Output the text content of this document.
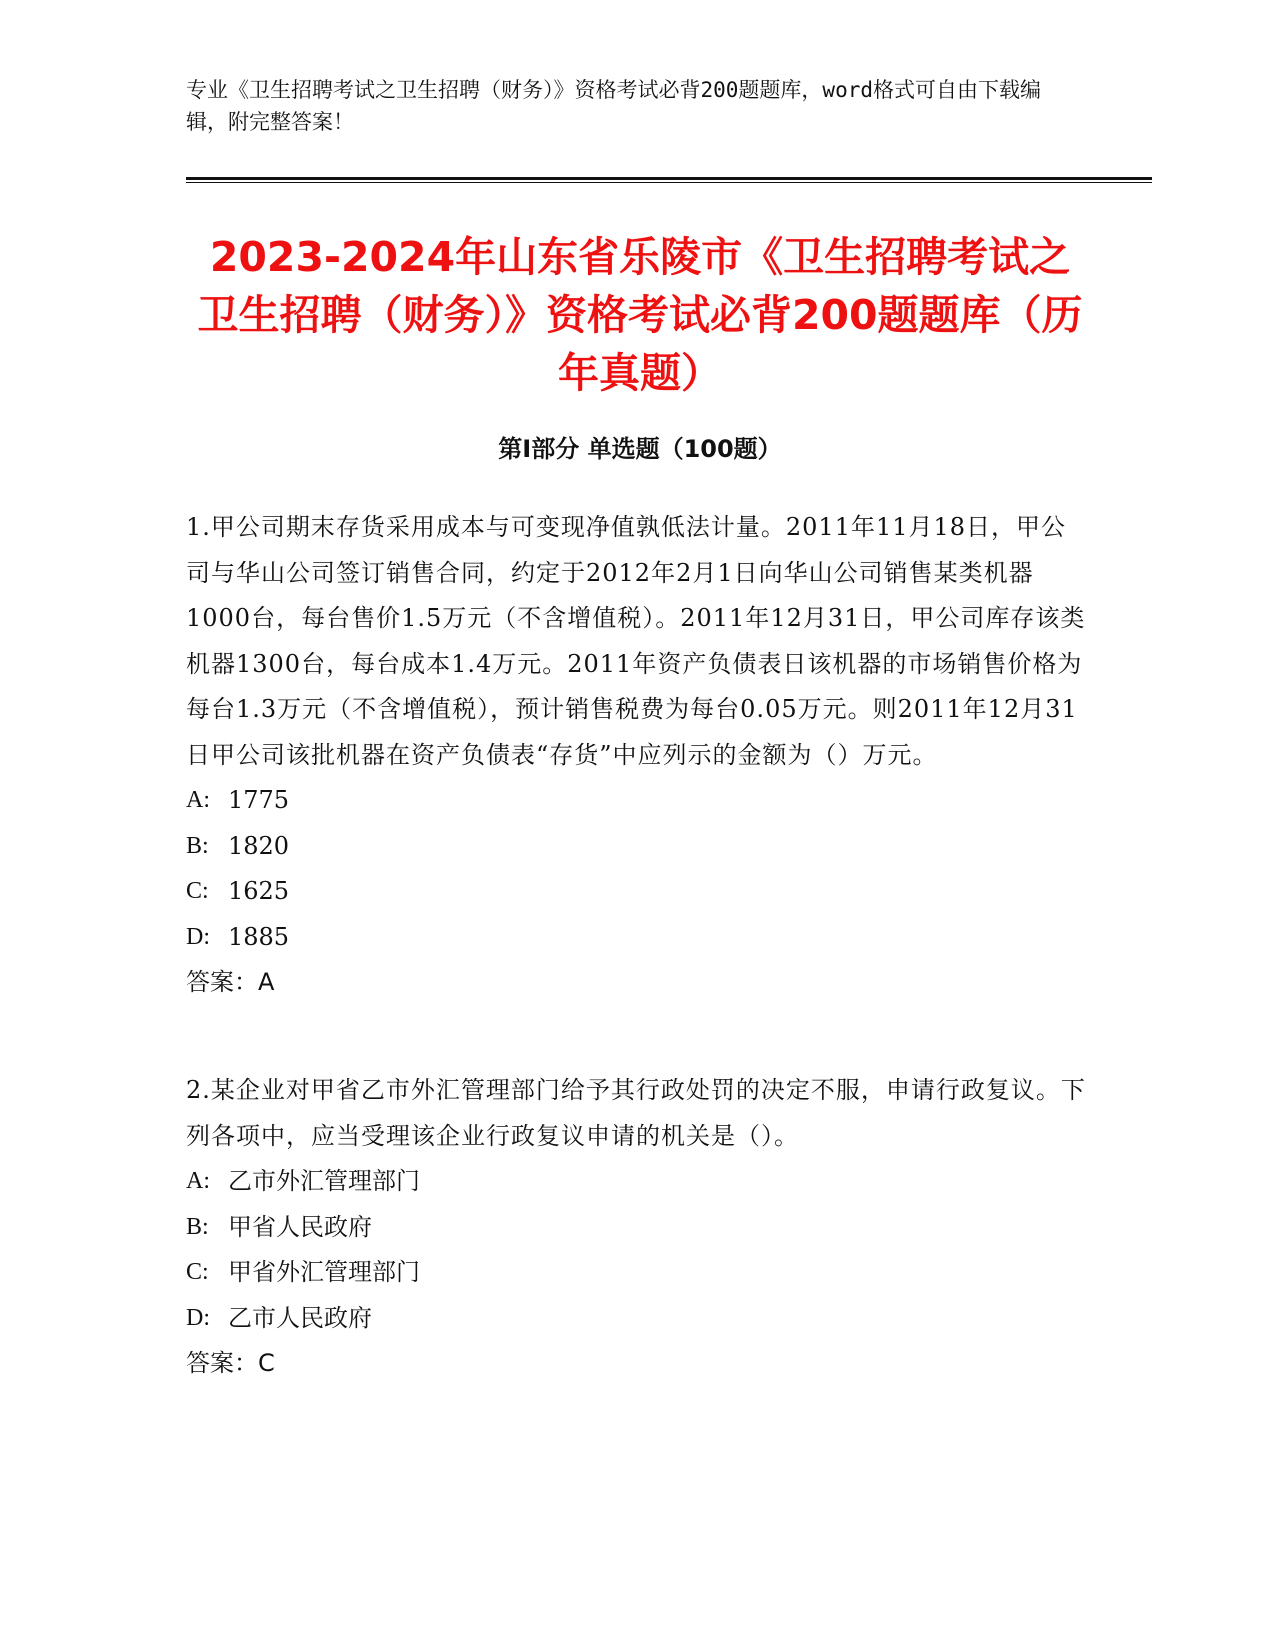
专业《卫生招聘考试之卫生招聘（财务）》资格考试必背200题题库，word格式可自由下载编辑，附完整答案！
2023-2024年山东省乐陵市《卫生招聘考试之卫生招聘（财务）》资格考试必背200题题库（历年真题）
第I部分 单选题（100题）
1.甲公司期末存货采用成本与可变现净值孰低法计量。2011年11月18日，甲公司与华山公司签订销售合同，约定于2012年2月1日向华山公司销售某类机器1000台，每台售价1.5万元（不含增值税）。2011年12月31日，甲公司库存该类机器1300台，每台成本1.4万元。2011年资产负债表日该机器的市场销售价格为每台1.3万元（不含增值税），预计销售税费为每台0.05万元。则2011年12月31日甲公司该批机器在资产负债表“存货”中应列示的金额为（）万元。
A: 1775
B: 1820
C: 1625
D: 1885
答案：A
2.某企业对甲省乙市外汇管理部门给予其行政处罚的决定不服，申请行政复议。下列各项中，应当受理该企业行政复议申请的机关是（）。
A: 乙市外汇管理部门
B: 甲省人民政府
C: 甲省外汇管理部门
D: 乙市人民政府
答案：C
